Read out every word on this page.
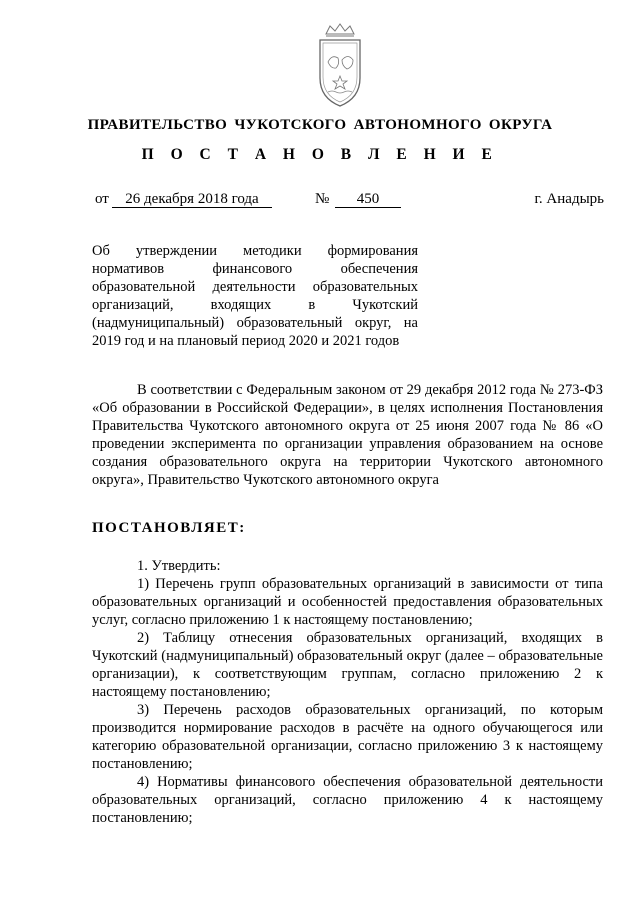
ПРАВИТЕЛЬСТВО ЧУКОТСКОГО АВТОНОМНОГО ОКРУГА
П О С Т А Н О В Л Е Н И Е
от	26 декабря 2018 года	№	450	г. Анадырь
Об утверждении методики формирования
нормативов финансового обеспечения
образовательной деятельности образовательных
организаций, входящих в Чукотский
(надмуниципальный) образовательный округ, на
2019 год и на плановый период 2020 и 2021 годов

В соответствии с Федеральным законом от 29 декабря 2012 года № 273-ФЗ «Об образовании в Российской Федерации», в целях исполнения Постановления Правительства Чукотского автономного округа от 25 июня 2007 года № 86 «О проведении эксперимента по организации управления образованием на основе создания образовательного округа на территории Чукотского автономного округа», Правительство Чукотского автономного округа

ПОСТАНОВЛЯЕТ:

1. Утвердить:

1) Перечень групп образовательных организаций в зависимости от типа образовательных организаций и особенностей предоставления образовательных услуг, согласно приложению 1 к настоящему постановлению;

2) Таблицу отнесения образовательных организаций, входящих в Чукотский (надмуниципальный) образовательный округ (далее – образовательные организации), к соответствующим группам, согласно приложению 2 к настоящему постановлению;

3) Перечень расходов образовательных организаций, по которым производится нормирование расходов в расчёте на одного обучающегося или категорию образовательной организации, согласно приложению 3 к настоящему постановлению;

4) Нормативы финансового обеспечения образовательной деятельности образовательных организаций, согласно приложению 4 к настоящему постановлению;
